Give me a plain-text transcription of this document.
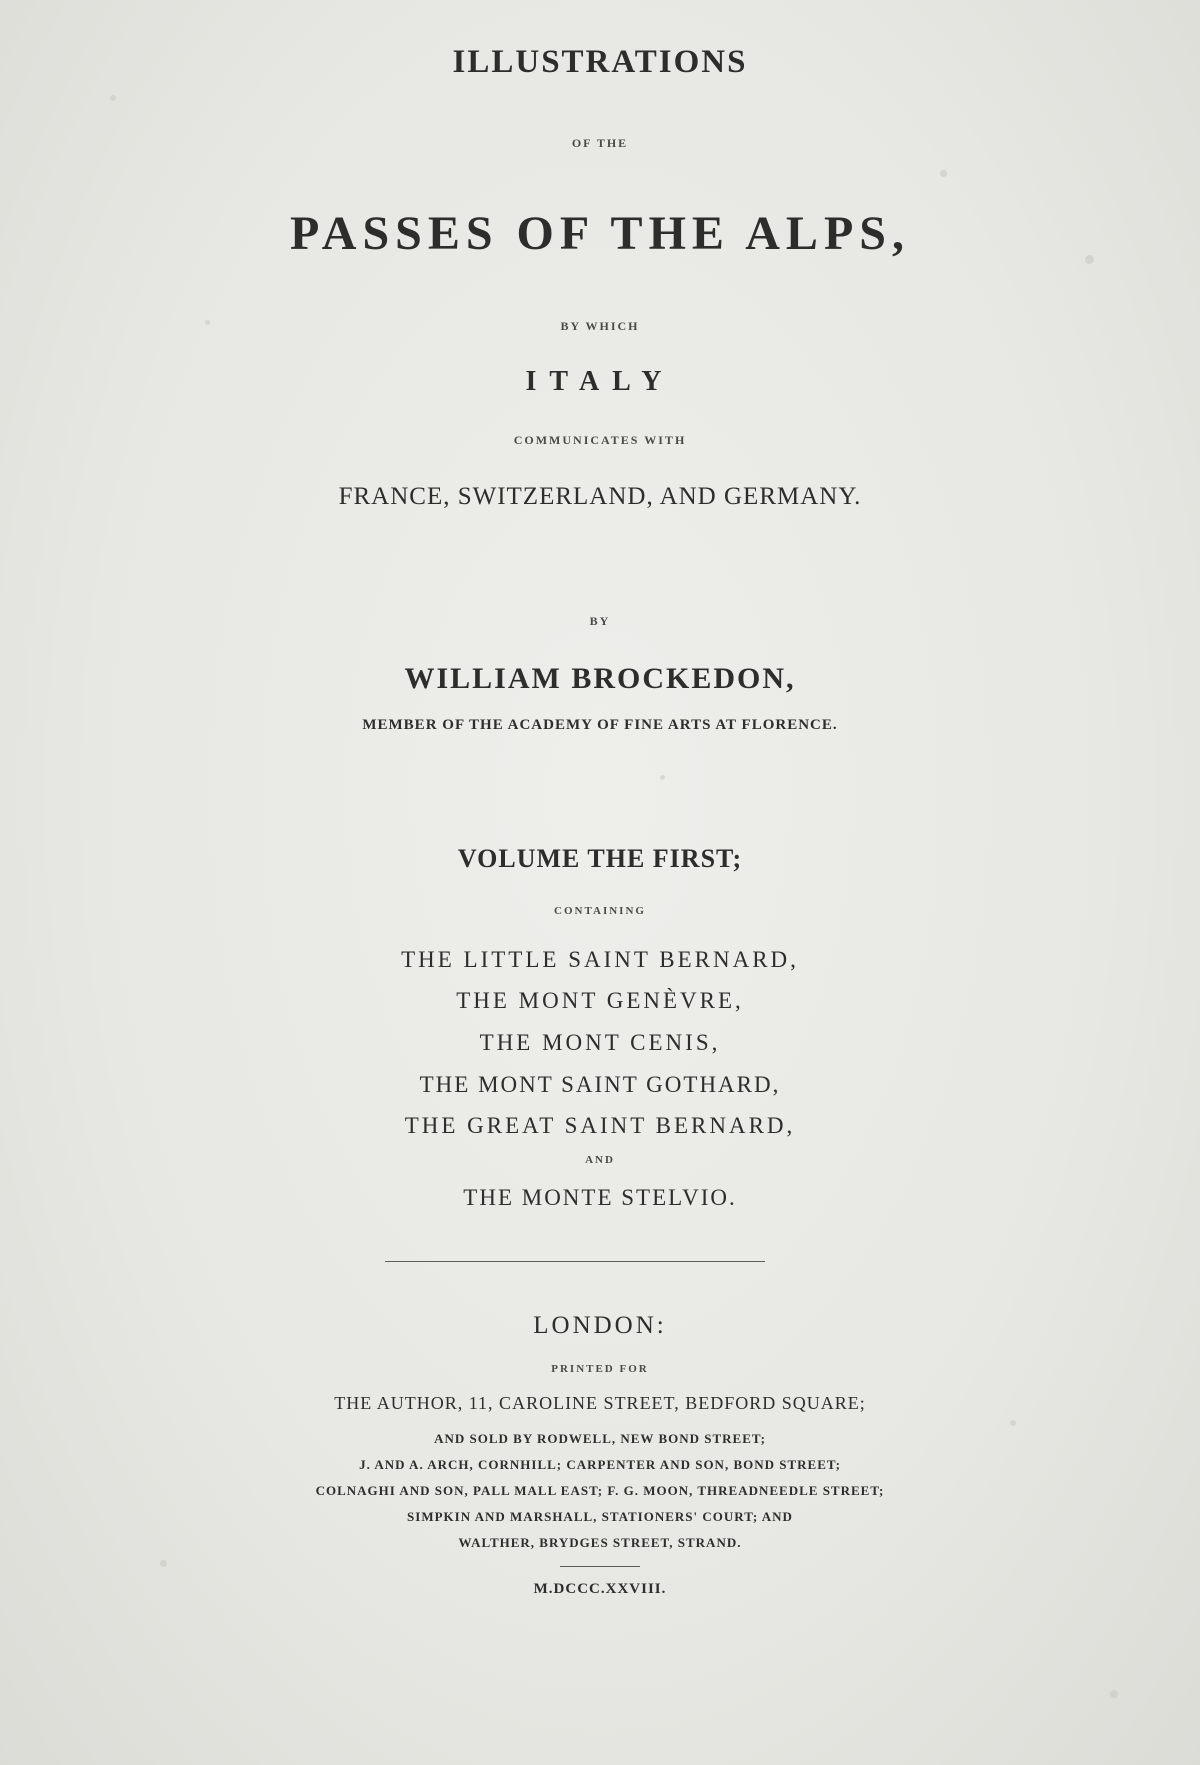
ILLUSTRATIONS
OF THE
PASSES OF THE ALPS,
BY WHICH
ITALY
COMMUNICATES WITH
FRANCE, SWITZERLAND, AND GERMANY.
BY
WILLIAM BROCKEDON,
MEMBER OF THE ACADEMY OF FINE ARTS AT FLORENCE.
VOLUME THE FIRST;
CONTAINING
THE LITTLE SAINT BERNARD,
THE MONT GENÈVRE,
THE MONT CENIS,
THE MONT SAINT GOTHARD,
THE GREAT SAINT BERNARD,
AND
THE MONTE STELVIO.
LONDON:
PRINTED FOR
THE AUTHOR, 11, CAROLINE STREET, BEDFORD SQUARE;
AND SOLD BY RODWELL, NEW BOND STREET;
J. AND A. ARCH, CORNHILL; CARPENTER AND SON, BOND STREET;
COLNAGHI AND SON, PALL MALL EAST; F. G. MOON, THREADNEEDLE STREET;
SIMPKIN AND MARSHALL, STATIONERS' COURT; AND
WALTHER, BRYDGES STREET, STRAND.
M.DCCC.XXVIII.
